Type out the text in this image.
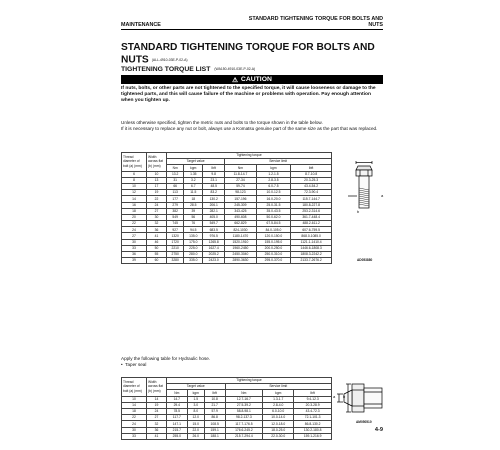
STANDARD TIGHTENING TORQUE FOR BOLTS AND
NUTS
MAINTENANCE
STANDARD TIGHTENING TORQUE FOR BOLTS AND
NUTS (ALL-4910-03E-P-02-A)
TIGHTENING TORQUE LIST (WA150-4910-03E-P-02-A)
⚠ CAUTION
If nuts, bolts, or other parts are not tightened to the specified torque, it will cause looseness or damage to the tightened parts, and this will cause failure of the machine or problems with operation. Pay enough attention when you tighten up.
Unless otherwise specified, tighten the metric nuts and bolts to the torque shown in the table below.
If it is necessary to replace any nut or bolt, always use a Komatsu genuine part of the same size as the part that was replaced.
Thread diameter of bolt (a) (mm)	Width across flat (b) (mm)	Tightening torque					
		Target value			Service limit		
		Nm	kgm	lbft	Nm	kgm	lbft
6	10	13.2	1.35	9.8	11.8-14.7	1.2-1.5	8.7-10.8
8	13	31	3.2	23.1	27-34	2.8-3.5	20.3-25.3
10	17	66	6.7	48.5	59-74	6.0-7.5	43.4-54.2
12	19	113	11.5	83.2	98-123	10.0-12.5	72.3-90.4
14	22	177	18	130.2	157-196	16.0-20.0	115.7-144.7
16	24	279	28.5	206.1	245-309	25.0-31.5	180.8-227.8
18	27	382	39	282.1	343-425	35.0-43.5	253.2-314.6
20	30	549	56	405.0	490-608	50.0-62.0	361.7-448.4
22	32	745	76	549.7	662-829	67.5-84.5	488.2-611.2
24	36	927	94.5	683.5	824-1030	84.0-105.0	607.6-759.5
27	41	1320	135.0	976.5	1180-1470	120.0-150.0	868.0-1085.0
30	46	1720	175.0	1265.8	1520-1910	155.0-195.0	1121.1-1410.4
33	50	2210	225.0	1627.4	1960-2450	200.0-250.0	1446.6-1808.3
36	55	2750	280.0	2025.2	2450-3040	250.0-310.0	1808.3-2242.2
39	60	3280	335.0	2423.0	2890-3630	295.0-370.0	2133.7-2676.2
a
b
AD053880
Apply the following table for Hydraulic hose.
•  Taper seal
Thread diameter of bolt (a) (mm)	Width across flat (b) (mm)	Tightening torque					
		Target value			Service limit		
		Nm	kgm	lbft	Nm	kgm	lbft
10	14	14.7	1.5	10.8	12.7-16.7	1.3-1.7	9.4-12.3
14	19	29.4	3.0	21.7	27.5-39.2	2.8-4.0	20.3-28.9
18	24	78.5	8.0	57.9	58.8-98.1	6.0-10.0	43.4-72.3
22	27	117.7	12.0	86.8	98.2-137.3	10.0-14.0	72.1-101.3
24	32	147.1	15.0	108.5	117.7-176.5	12.0-18.0	86.8-130.2
30	36	215.7	22.0	159.1	176.6-245.2	18.0-25.0	130.2-180.8
33	41	255.0	26.0	188.1	215.7-294.4	22.0-30.0	159.1-216.9
a b
AM050510
4-9
